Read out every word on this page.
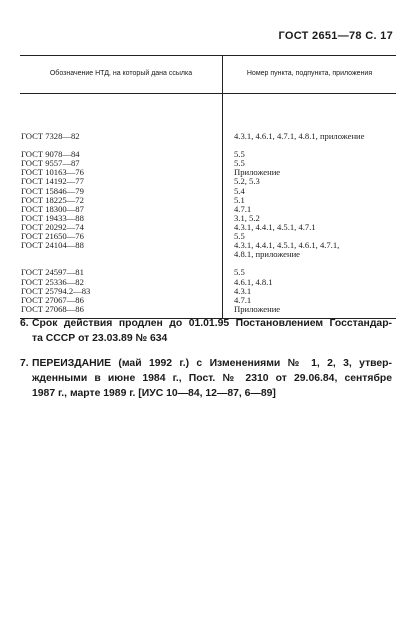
ГОСТ 2651—78 С. 17
Обозначение НТД, на который дана ссылка	Номер пункта, подпункта, приложения
ГОСТ 7328—82
ГОСТ 9078—84
ГОСТ 9557—87
ГОСТ 10163—76
ГОСТ 14192—77
ГОСТ 15846—79
ГОСТ 18225—72
ГОСТ 18300—87
ГОСТ 19433—88
ГОСТ 20292—74
ГОСТ 21650—76
ГОСТ 24104—88
ГОСТ 24597—81
ГОСТ 25336—82
ГОСТ 25794.2—83
ГОСТ 27067—86
ГОСТ 27068—86
4.3.1, 4.6.1, 4.7.1, 4.8.1, приложение
5.5
5.5
Приложение
5.2, 5.3
5.4
5.1
4.7.1
3.1, 5.2
4.3.1, 4.4.1, 4.5.1, 4.7.1
5.5
4.3.1, 4.4.1, 4.5.1, 4.6.1, 4.7.1, 4.8.1, приложение
5.5
4.6.1, 4.8.1
4.3.1
4.7.1
Приложение
6. Срок действия продлен до 01.01.95 Постановлением Госстандар-
та СССР от 23.03.89 № 634
7. ПЕРЕИЗДАНИЕ (май 1992 г.) с Изменениями № 1, 2, 3, утвер-
жденными в июне 1984 г., Пост. № 2310 от 29.06.84, сентябре
1987 г., марте 1989 г. [ИУС 10—84, 12—87, 6—89]
